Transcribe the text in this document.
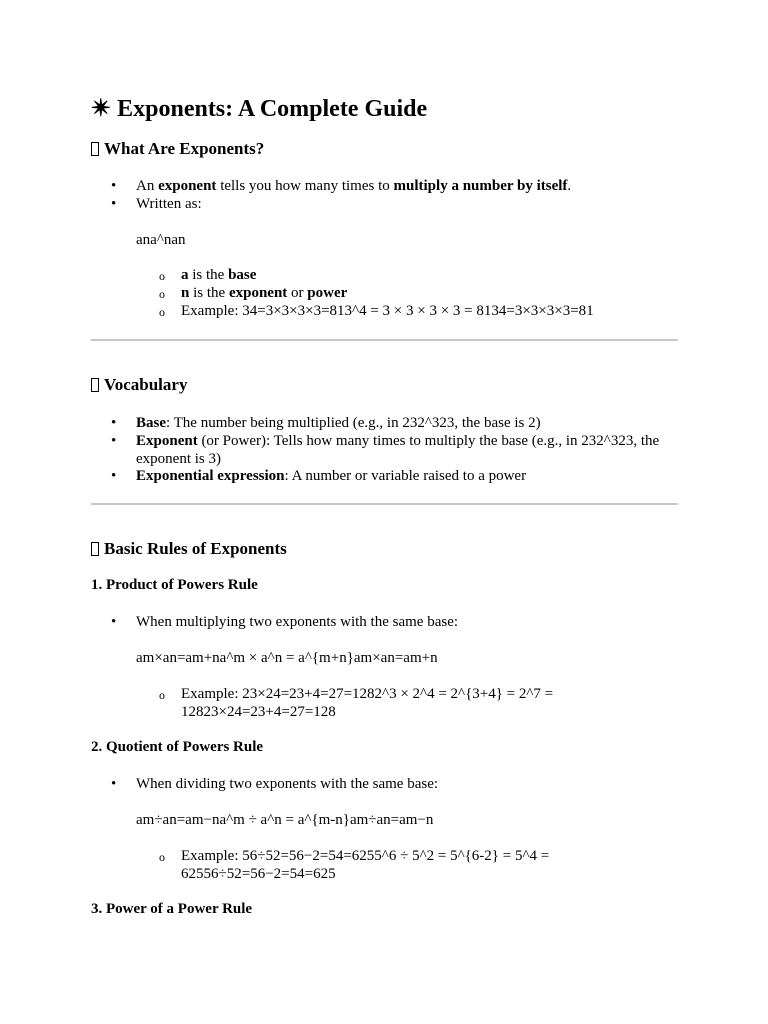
✴ Exponents: A Complete Guide
What Are Exponents?
• An exponent tells you how many times to multiply a number by itself.
• Written as:
ana^nan
o a is the base
o n is the exponent or power
o Example: 34=3×3×3×3=813^4 = 3 × 3 × 3 × 3 = 8134=3×3×3×3=81
Vocabulary
• Base: The number being multiplied (e.g., in 232^323, the base is 2)
• Exponent (or Power): Tells how many times to multiply the base (e.g., in 232^323, the
exponent is 3)
• Exponential expression: A number or variable raised to a power
Basic Rules of Exponents
1. Product of Powers Rule
• When multiplying two exponents with the same base:
am×an=am+na^m × a^n = a^{m+n}am×an=am+n
o Example: 23×24=23+4=27=1282^3 × 2^4 = 2^{3+4} = 2^7 =
12823×24=23+4=27=128
2. Quotient of Powers Rule
• When dividing two exponents with the same base:
am÷an=am−na^m ÷ a^n = a^{m-n}am÷an=am−n
o Example: 56÷52=56−2=54=6255^6 ÷ 5^2 = 5^{6-2} = 5^4 =
62556÷52=56−2=54=625
3. Power of a Power Rule
